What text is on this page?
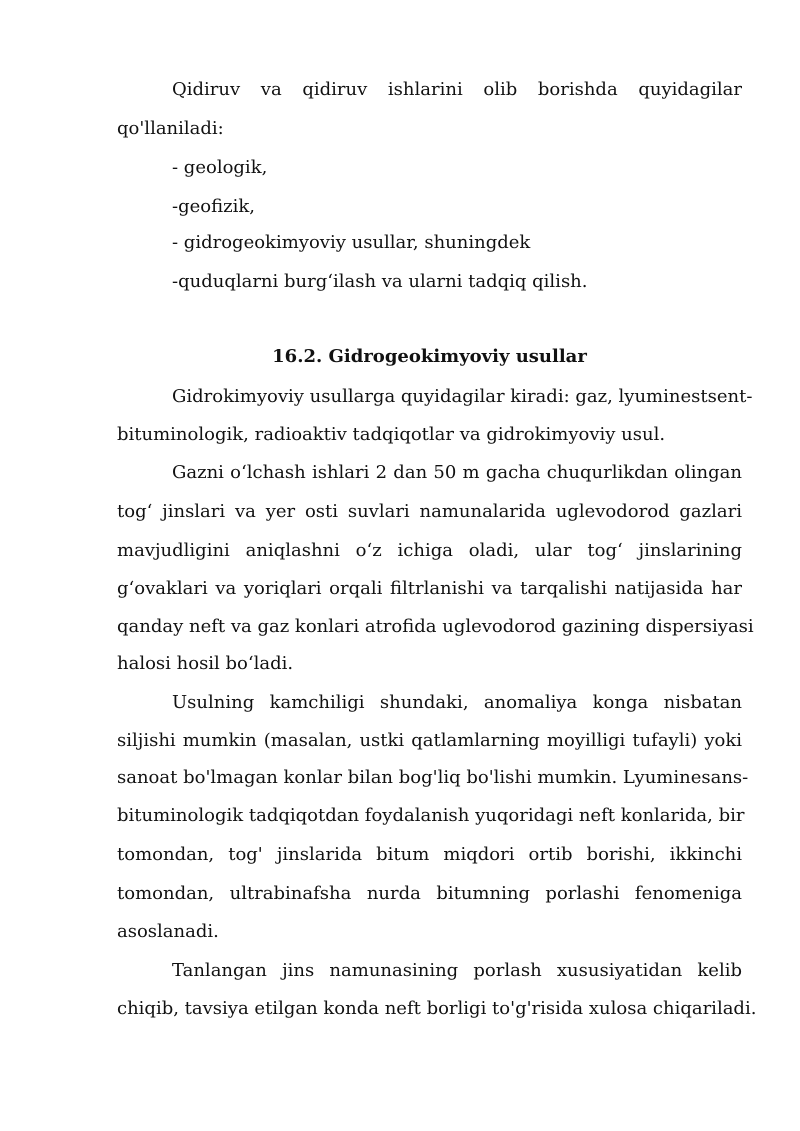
Qidiruv va qidiruv ishlarini olib borishda quyidagilar
qo'llaniladi:
- geologik,
-geofizik,
- gidrogeokimyoviy usullar, shuningdek
-quduqlarni burg‘ilash va ularni tadqiq qilish.
16.2. Gidrogeokimyoviy usullar
Gidrokimyoviy usullarga quyidagilar kiradi: gaz, lyuminestsent-
bituminologik, radioaktiv tadqiqotlar va gidrokimyoviy usul.
Gazni o‘lchash ishlari 2 dan 50 m gacha chuqurlikdan olingan
tog‘ jinslari va yer osti suvlari namunalarida uglevodorod gazlari
mavjudligini aniqlashni o‘z ichiga oladi, ular tog‘ jinslarining
g‘ovaklari va yoriqlari orqali filtrlanishi va tarqalishi natijasida har
qanday neft va gaz konlari atrofida uglevodorod gazining dispersiyasi
halosi hosil bo‘ladi.
Usulning kamchiligi shundaki, anomaliya konga nisbatan
siljishi mumkin (masalan, ustki qatlamlarning moyilligi tufayli) yoki
sanoat bo'lmagan konlar bilan bog'liq bo'lishi mumkin. Lyuminesans-
bituminologik tadqiqotdan foydalanish yuqoridagi neft konlarida, bir
tomondan, tog' jinslarida bitum miqdori ortib borishi, ikkinchi
tomondan, ultrabinafsha nurda bitumning porlashi fenomeniga
asoslanadi.
Tanlangan jins namunasining porlash xususiyatidan kelib
chiqib, tavsiya etilgan konda neft borligi to'g'risida xulosa chiqariladi.
